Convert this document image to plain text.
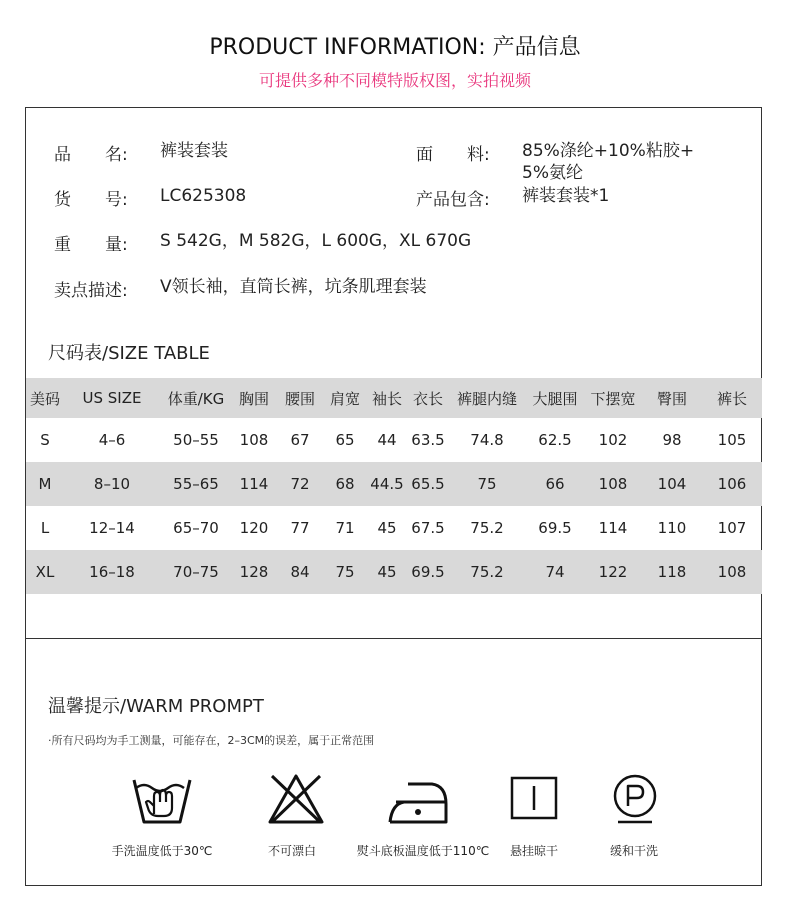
PRODUCT INFORMATION: 产品信息
可提供多种不同模特版权图，实拍视频
品　　名: 裤装套装	面　　料: 85%涤纶+10%粘胶+
5%氨纶
货　　号: LC625308	产品包含: 裤装套装*1
重　　量: S 542G，M 582G，L 600G，XL 670G
卖点描述: V领长袖，直筒长裤，坑条肌理套装
尺码表/SIZE TABLE
美码	US SIZE	体重/KG	胸围	腰围	肩宽	袖长	衣长	裤腿内缝	大腿围	下摆宽	臀围	裤长
S	4–6	50–55	108	67	65	44	63.5	74.8	62.5	102	98	105
M	8–10	55–65	114	72	68	44.5	65.5	75	66	108	104	106
L	12–14	65–70	120	77	71	45	67.5	75.2	69.5	114	110	107
XL	16–18	70–75	128	84	75	45	69.5	75.2	74	122	118	108
温馨提示/WARM PROMPT
·所有尺码均为手工测量，可能存在，2–3CM的误差，属于正常范围
手洗温度低于30℃	不可漂白	熨斗底板温度低于110℃	悬挂晾干	缓和干洗
